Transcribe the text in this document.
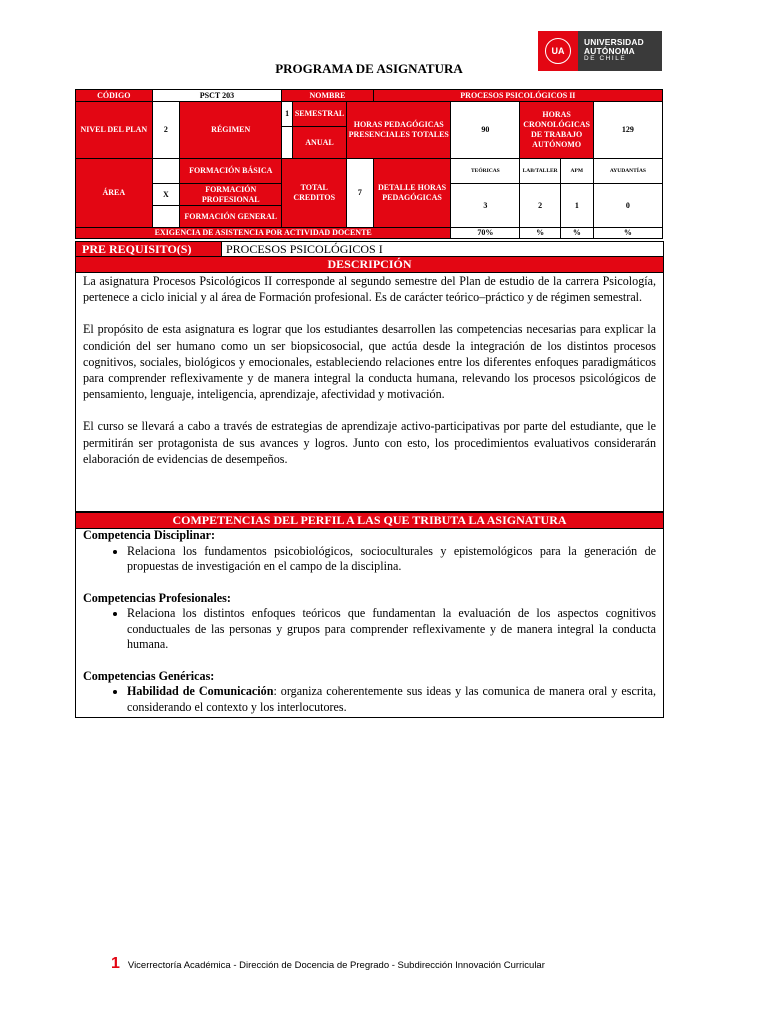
UA
UNIVERSIDAD
AUTÓNOMA
DE CHILE
PROGRAMA DE ASIGNATURA
CÓDIGO	PSCT 203		NOMBRE			PROCESOS PSICOLÓGICOS II				
NIVEL DEL PLAN	2	RÉGIMEN	1	SEMESTRAL	HORAS PEDAGÓGICAS PRESENCIALES TOTALES		90	HORAS CRONOLÓGICAS DE TRABAJO AUTÓNOMO		129
				ANUAL						
ÁREA		FORMACIÓN BÁSICA	TOTAL CREDITOS		7	DETALLE HORAS PEDAGÓGICAS	TEÓRICAS	LAB/TALLER	APM	AYUDANTÍAS
	X	FORMACIÓN PROFESIONAL					3	2	1	0
		FORMACIÓN GENERAL								
EXIGENCIA DE ASISTENCIA POR ACTIVIDAD DOCENTE							70%	%	%	%
PRE REQUISITO(S)	PROCESOS PSICOLÓGICOS I
DESCRIPCIÓN

La asignatura Procesos Psicológicos II corresponde al segundo semestre del Plan de estudio de la carrera Psicología, pertenece a ciclo inicial y al área de Formación profesional. Es de carácter teórico–práctico y de régimen semestral.

El propósito de esta asignatura es lograr que los estudiantes desarrollen las competencias necesarias para explicar la condición del ser humano como un ser biopsicosocial, que actúa desde la integración de los distintos procesos cognitivos, sociales, biológicos y emocionales, estableciendo relaciones entre los diferentes enfoques paradigmáticos para comprender reflexivamente y de manera integral la conducta humana, relevando los procesos psicológicos de pensamiento, lenguaje, inteligencia, aprendizaje, afectividad y motivación.

El curso se llevará a cabo a través de estrategias de aprendizaje activo-participativas por parte del estudiante, que le permitirán ser protagonista de sus avances y logros. Junto con esto, los procedimientos evaluativos considerarán elaboración de evidencias de desempeños.

COMPETENCIAS DEL PERFIL A LAS QUE TRIBUTA LA ASIGNATURA
Competencia Disciplinar:
• Relaciona los fundamentos psicobiológicos, socioculturales y epistemológicos para la generación de propuestas de investigación en el campo de la disciplina.
Competencias Profesionales:
• Relaciona los distintos enfoques teóricos que fundamentan la evaluación de los aspectos cognitivos conductuales de las personas y grupos para comprender reflexivamente y de manera integral la conducta humana.
Competencias Genéricas:
• Habilidad de Comunicación: organiza coherentemente sus ideas y las comunica de manera oral y escrita, considerando el contexto y los interlocutores.
1 Vicerrectoría Académica - Dirección de Docencia de Pregrado - Subdirección Innovación Curricular
